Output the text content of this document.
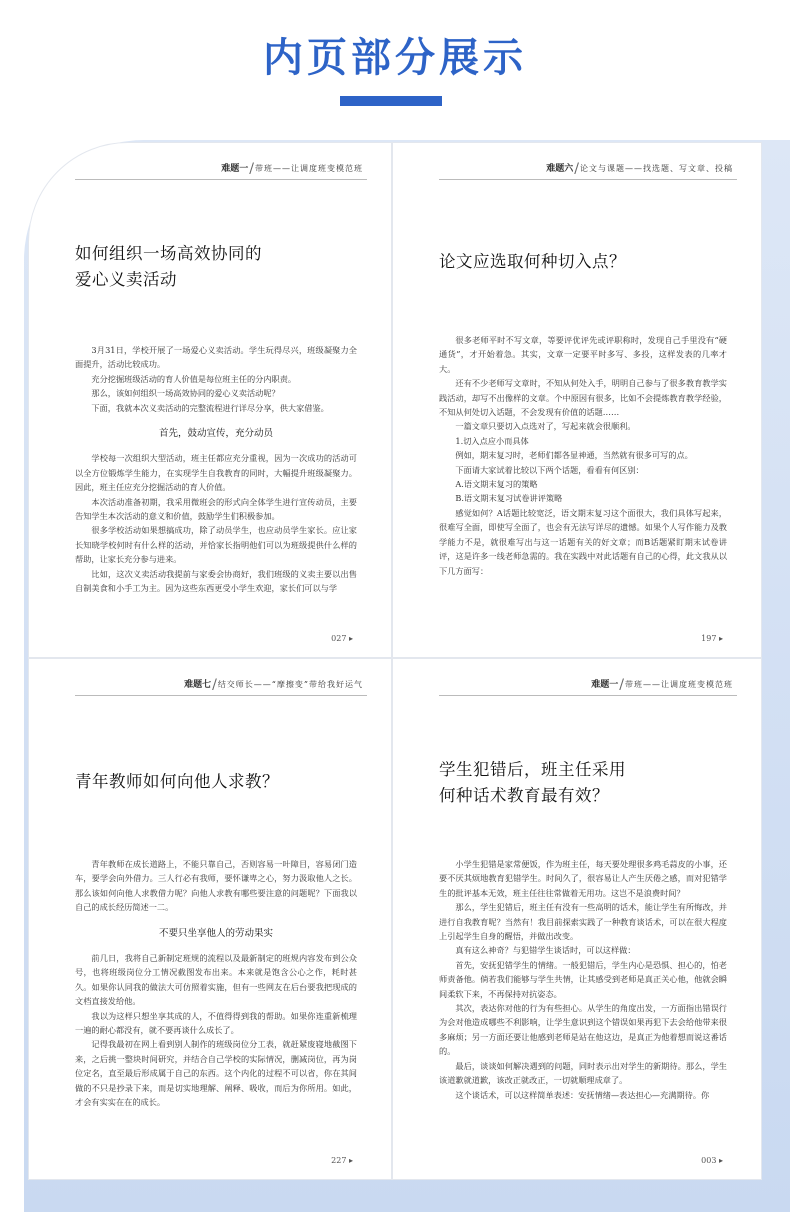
内页部分展示
难题一/带班——让调度班变模范班
如何组织一场高效协同的
爱心义卖活动

3月31日，学校开展了一场爱心义卖活动。学生玩得尽兴，班级凝聚力全面提升，活动比较成功。

充分挖掘班级活动的育人价值是每位班主任的分内职责。

那么，该如何组织一场高效协同的爱心义卖活动呢？

下面，我就本次义卖活动的完整流程进行详尽分享，供大家借鉴。

首先，鼓动宣传，充分动员

学校每一次组织大型活动，班主任都应充分重视，因为一次成功的活动可以全方位锻炼学生能力，在实现学生自我教育的同时，大幅提升班级凝聚力。因此，班主任应充分挖掘活动的育人价值。

本次活动准备初期，我采用微班会的形式向全体学生进行宣传动员，主要告知学生本次活动的意义和价值，鼓励学生们积极参加。

很多学校活动如果想搞成功，除了动员学生，也应动员学生家长。应让家长知晓学校何时有什么样的活动，并恰家长指明他们可以为班级提供什么样的帮助，让家长充分参与进来。

比如，这次义卖活动我提前与家委会协商好，我们班级的义卖主要以出售自制美食和小手工为主。因为这些东西更受小学生欢迎，家长们可以与学

027 ▸
难题六/论文与课题——找选题、写文章、投稿
论文应选取何种切入点？

很多老师平时不写文章，等要评优评先或评职称时，发现自己手里没有“硬通货”，才开始着急。其实，文章一定要平时多写、多投，这样发表的几率才大。

还有不少老师写文章时，不知从何处入手，明明自己参与了很多教育教学实践活动，却写不出像样的文章。个中原因有很多，比如不会提炼教育教学经验，不知从何处切入话题，不会发现有价值的话题……

一篇文章只要切入点选对了，写起来就会很顺利。

1.切入点应小而具体

例如，期末复习时，老师们都各显神通，当然就有很多可写的点。

下面请大家试着比较以下两个话题，看看有何区别：

A.语文期末复习的策略

B.语文期末复习试卷讲评策略

感觉如何？A话题比较宽泛，语文期末复习这个面很大，我们具体写起来，很难写全面，即使写全面了，也会有无法写详尽的遗憾。如果个人写作能力及教学能力不是，就很难写出与这一话题有关的好文章；而B话题紧盯期末试卷讲评，这是许多一线老师急需的。我在实践中对此话题有自己的心得，此文我从以下几方面写：

197 ▸
难题七/结交师长——“摩擦变”带给我好运气
青年教师如何向他人求教？

青年教师在成长道路上，不能只靠自己，否则容易一叶障目，容易闭门造车，要学会向外借力。三人行必有我师，要怀谦卑之心，努力汲取他人之长。那么该如何向他人求教借力呢？向他人求教有哪些要注意的问题呢？下面我以自己的成长经历简述一二。

不要只坐享他人的劳动果实

前几日，我将自己新制定班规的流程以及最新制定的班规内容发布到公众号，也将班级岗位分工情况截图发布出来。本来就是饱含公心之作，耗时甚久。如果你认同我的做法大可仿照着实施，但有一些网友在后台要我把现成的文档直接发给他。

我以为这样只想坐享其成的人，不值得得到我的帮助。如果你连重新梳理一遍的耐心都没有，就不要再谈什么成长了。

记得我最初在网上看到别人制作的班级岗位分工表，就赶紧废寝地截图下来，之后挑一整块时间研究，并结合自己学校的实际情况，删减岗位，再为岗位定名，直至最后形成属于自己的东西。这个内化的过程不可以省，你在其间做的不只是抄录下来，而是切实地理解、阐释、吸收，而后为你所用。如此，才会有实实在在的成长。

227 ▸
难题一/带班——让调度班变模范班
学生犯错后，班主任采用
何种话术教育最有效？

小学生犯错是家常便饭，作为班主任，每天要处理很多鸡毛蒜皮的小事，还要不厌其烦地教育犯错学生。时间久了，很容易让人产生厌倦之感，而对犯错学生的批评基本无效，班主任往往常做着无用功。这岂不是浪费时间？

那么，学生犯错后，班主任有没有一些高明的话术，能让学生有所悔改，并进行自我教育呢？当然有！我目前探索实践了一种教育谈话术，可以在很大程度上引起学生自身的醒悟，并做出改变。

真有这么神奇？与犯错学生谈话时，可以这样做：

首先，安抚犯错学生的情绪。一般犯错后，学生内心是恐惧、担心的，怕老师责备他。倘若我们能够与学生共情，让其感受到老师是真正关心他，他就会瞬间柔软下来，不再保持对抗姿态。

其次，表达你对他的行为有些担心。从学生的角度出发，一方面指出错误行为会对他造成哪些不利影响，让学生意识到这个错误如果再犯下去会给他带来很多麻烦；另一方面还要让他感到老师是站在他这边，是真正为他着想而说这番话的。

最后，谈谈如何解决遇到的问题，同时表示出对学生的新期待。那么，学生该道歉就道歉，该改正就改正，一切就顺理成章了。

这个谈话术，可以这样简单表述：安抚情绪—表达担心—充满期待。你

003 ▸
